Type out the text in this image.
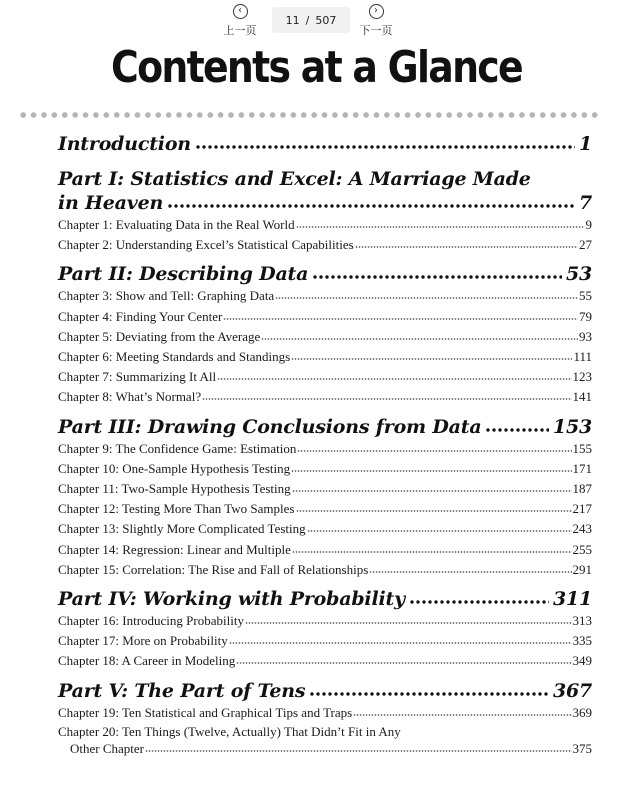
‹
上一页
11 / 507
›
下一页
Contents at a Glance
Introduction	1
Part I: Statistics and Excel: A Marriage Made
in Heaven	7
Chapter 1: Evaluating Data in the Real World	9
Chapter 2: Understanding Excel’s Statistical Capabilities	27
Part II: Describing Data	53
Chapter 3: Show and Tell: Graphing Data	55
Chapter 4: Finding Your Center	79
Chapter 5: Deviating from the Average	93
Chapter 6: Meeting Standards and Standings	111
Chapter 7: Summarizing It All	123
Chapter 8: What’s Normal?	141
Part III: Drawing Conclusions from Data	153
Chapter 9: The Confidence Game: Estimation	155
Chapter 10: One-Sample Hypothesis Testing	171
Chapter 11: Two-Sample Hypothesis Testing	187
Chapter 12: Testing More Than Two Samples	217
Chapter 13: Slightly More Complicated Testing	243
Chapter 14: Regression: Linear and Multiple	255
Chapter 15: Correlation: The Rise and Fall of Relationships	291
Part IV: Working with Probability	311
Chapter 16: Introducing Probability	313
Chapter 17: More on Probability	335
Chapter 18: A Career in Modeling	349
Part V: The Part of Tens	367
Chapter 19: Ten Statistical and Graphical Tips and Traps	369
Chapter 20: Ten Things (Twelve, Actually) That Didn’t Fit in Any
Other Chapter	375
